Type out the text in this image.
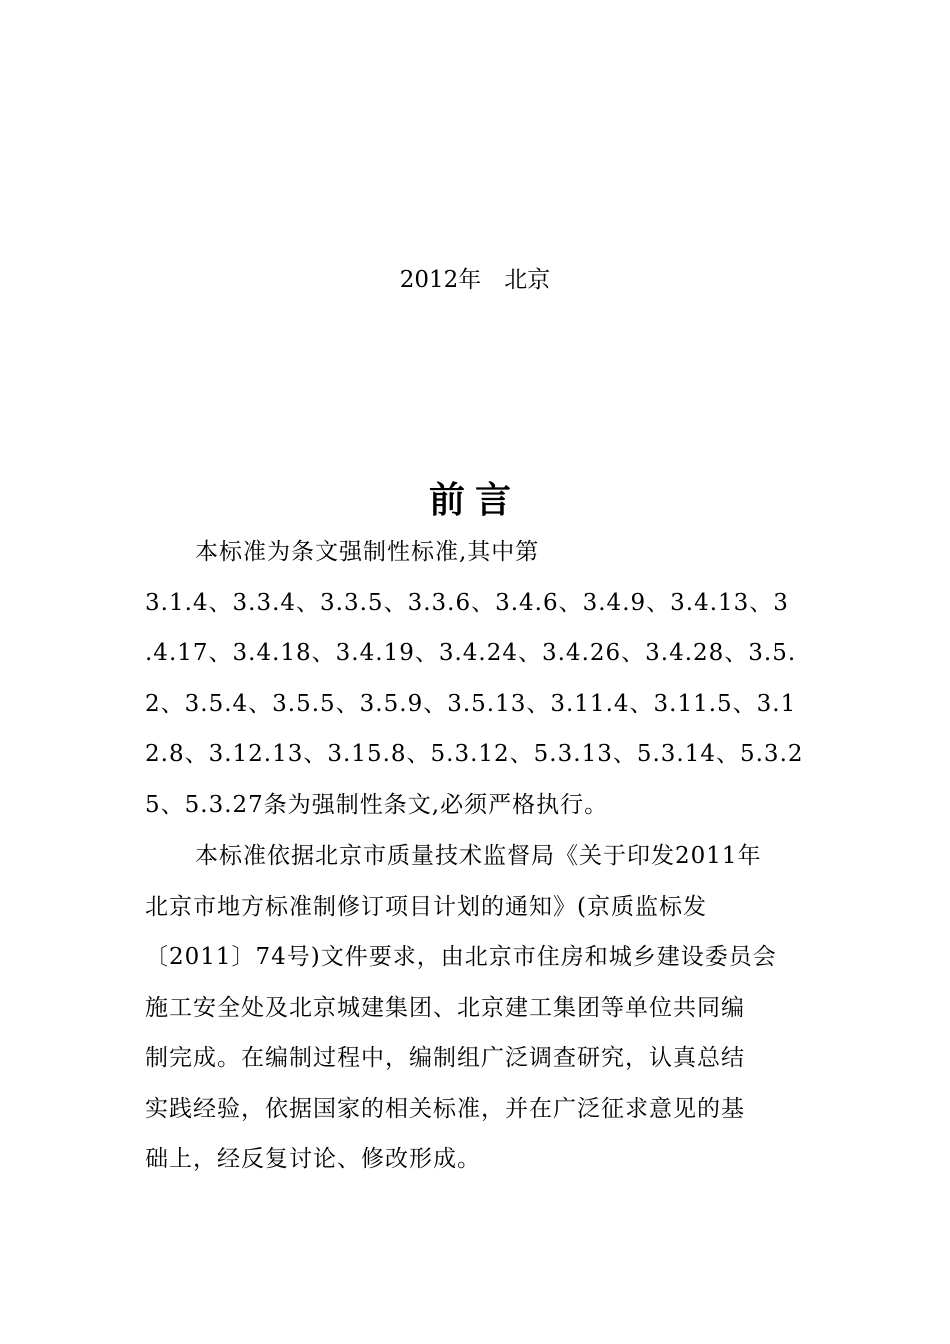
2012年　北京
前言
本标准为条文强制性标准,其中第
3.1.4、3.3.4、3.3.5、3.3.6、3.4.6、3.4.9、3.4.13、3
.4.17、3.4.18、3.4.19、3.4.24、3.4.26、3.4.28、3.5.
2、3.5.4、3.5.5、3.5.9、3.5.13、3.11.4、3.11.5、3.1
2.8、3.12.13、3.15.8、5.3.12、5.3.13、5.3.14、5.3.2
5、5.3.27条为强制性条文,必须严格执行。
本标准依据北京市质量技术监督局《关于印发2011年
北京市地方标准制修订项目计划的通知》(京质监标发
〔2011〕74号)文件要求，由北京市住房和城乡建设委员会
施工安全处及北京城建集团、北京建工集团等单位共同编
制完成。在编制过程中，编制组广泛调查研究，认真总结
实践经验，依据国家的相关标准，并在广泛征求意见的基
础上，经反复讨论、修改形成。
